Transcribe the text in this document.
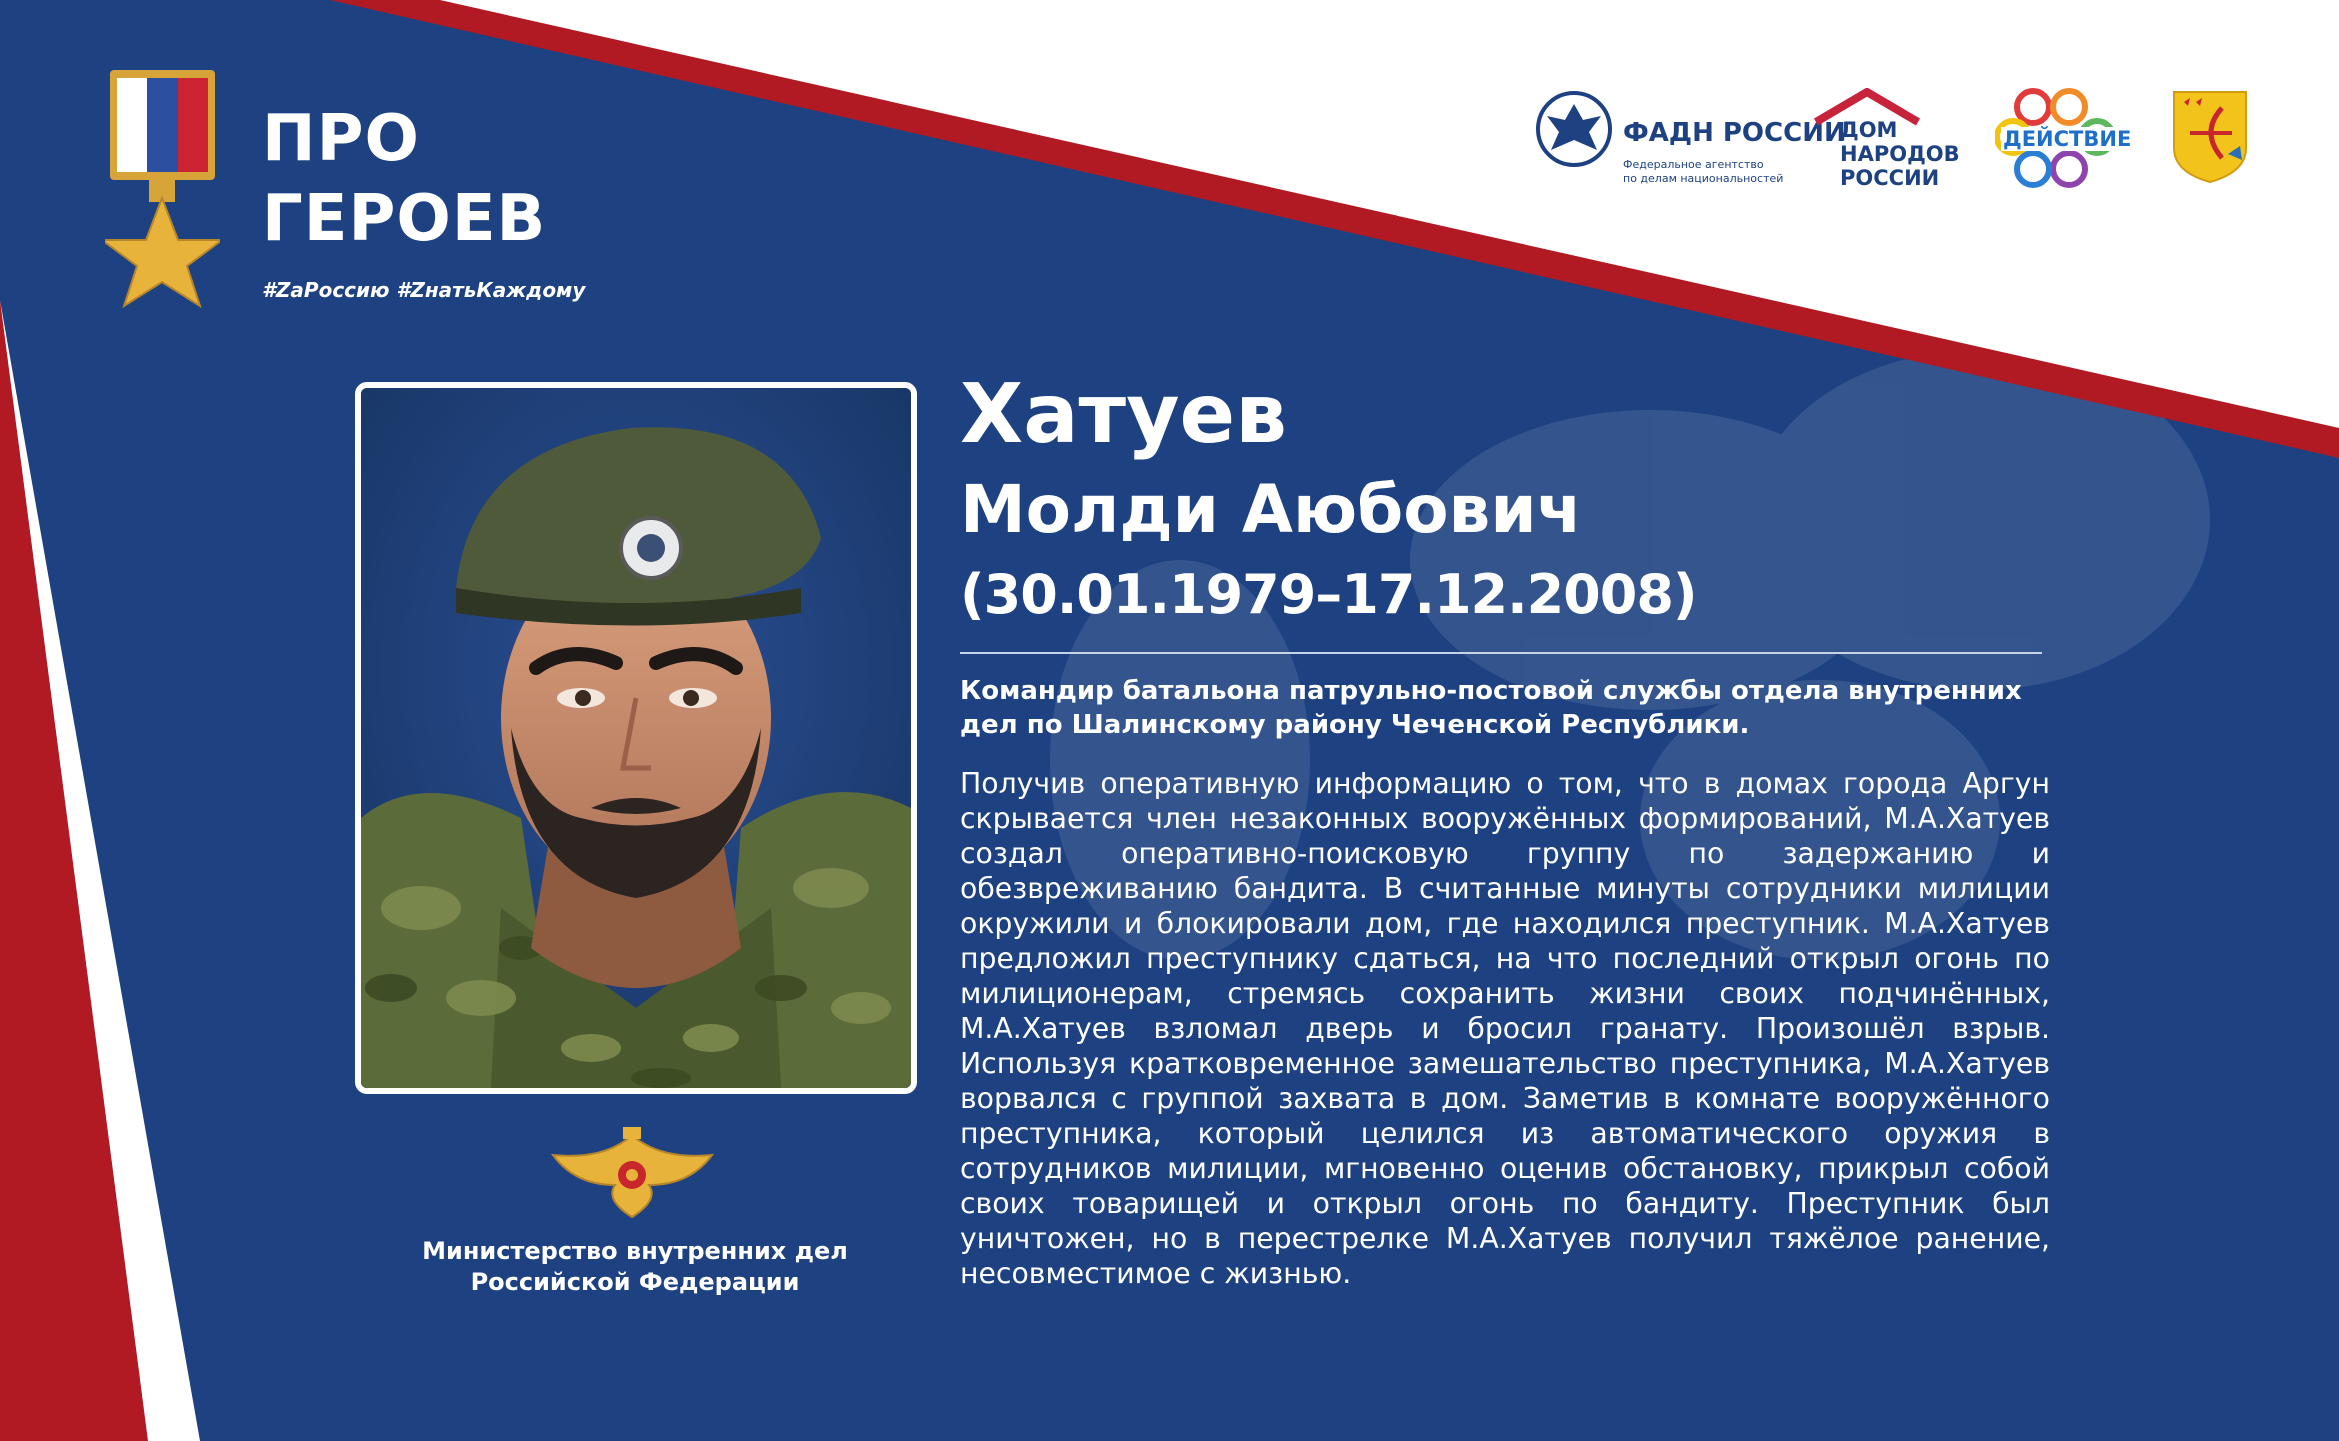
ПРО
ГЕРОЕВ
#ZаРоссию #ZнатьКаждому
ФАДН РОССИИ
Федеральное агентство
по делам национальностей
ДОМ
НАРОДОВ
РОССИИ
ДЕЙСТВИЕ
Министерство внутренних дел
Российской Федерации
Хатуев
Молди Аюбович
(30.01.1979–17.12.2008)
Командир батальона патрульно-постовой службы отдела внутренних дел по Шалинскому району Чеченской Республики.
Получив оперативную информацию о том, что в домах города Аргун скрывается член незаконных вооружённых формирований, М.А.Хатуев создал оперативно-поисковую группу по задержанию и обезвреживанию бандита. В считанные минуты сотрудники милиции окружили и блокировали дом, где находился преступник. М.А.Хатуев предложил преступнику сдаться, на что последний открыл огонь по милиционерам, стремясь сохранить жизни своих подчинённых, М.А.Хатуев взломал дверь и бросил гранату. Произошёл взрыв. Используя кратковременное замешательство преступника, М.А.Хатуев ворвался с группой захвата в дом. Заметив в комнате вооружённого преступника, который целился из автоматического оружия в сотрудников милиции, мгновенно оценив обстановку, прикрыл собой своих товарищей и открыл огонь по бандиту. Преступник был уничтожен, но в перестрелке М.А.Хатуев получил тяжёлое ранение, несовместимое с жизнью.
